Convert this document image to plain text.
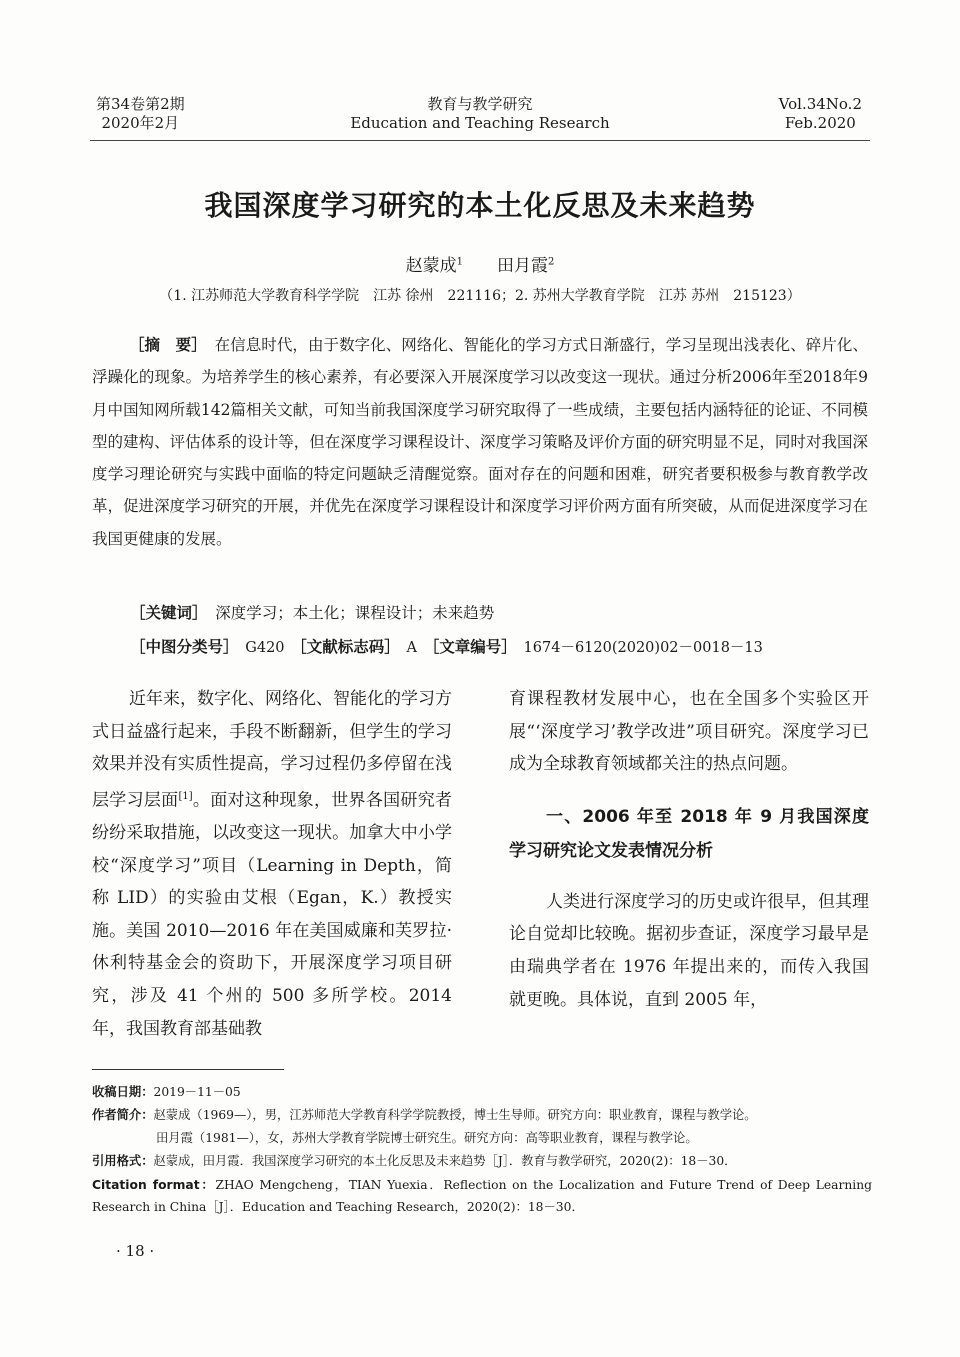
第34卷第2期
2020年2月
教育与教学研究
Education and Teaching Research
Vol.34No.2
Feb.2020
我国深度学习研究的本土化反思及未来趋势
赵蒙成$^1$　　 田月霞$^2$
（1. 江苏师范大学教育科学学院　江苏 徐州　221116；2. 苏州大学教育学院　江苏 苏州　215123）
［摘　要］　 在信息时代，由于数字化、网络化、智能化的学习方式日渐盛行，学习呈现出浅表化、碎片化、浮躁化的现象。为培养学生的核心素养，有必要深入开展深度学习以改变这一现状。通过分析2006年至2018年9月中国知网所载142篇相关文献，可知当前我国深度学习研究取得了一些成绩，主要包括内涵特征的论证、不同模型的建构、评估体系的设计等，但在深度学习课程设计、深度学习策略及评价方面的研究明显不足，同时对我国深度学习理论研究与实践中面临的特定问题缺乏清醒觉察。面对存在的问题和困难，研究者要积极参与教育教学改革，促进深度学习研究的开展，并优先在深度学习课程设计和深度学习评价两方面有所突破，从而促进深度学习在我国更健康的发展。
［关键词］　 深度学习；本土化；课程设计；未来趋势
［中图分类号］　 G420　 ［文献标志码］　 A　 ［文章编号］　 1674－6120(2020)02－0018－13

近年来，数字化、网络化、智能化的学习方式日益盛行起来，手段不断翻新，但学生的学习效果并没有实质性提高，学习过程仍多停留在浅层学习层面[1]。面对这种现象，世界各国研究者纷纷采取措施，以改变这一现状。加拿大中小学校“深度学习”项目（Learning in Depth，简称 LID）的实验由艾根（Egan，K.）教授实施。美国 2010—2016 年在美国威廉和芙罗拉·休利特基金会的资助下，开展深度学习项目研究，涉及 41 个州的 500 多所学校。2014 年，我国教育部基础教

育课程教材发展中心，也在全国多个实验区开展“‘深度学习’教学改进”项目研究。深度学习已成为全球教育领域都关注的热点问题。

一、2006 年至 2018 年 9 月我国深度学习研究论文发表情况分析

人类进行深度学习的历史或许很早，但其理论自觉却比较晚。据初步查证，深度学习最早是由瑞典学者在 1976 年提出来的，而传入我国就更晚。具体说，直到 2005 年，

收稿日期：2019－11－05
作者简介：赵蒙成（1969—），男，江苏师范大学教育科学学院教授，博士生导师。研究方向：职业教育，课程与教学论。
田月霞（1981—），女，苏州大学教育学院博士研究生。研究方向：高等职业教育，课程与教学论。
引用格式：赵蒙成，田月霞．我国深度学习研究的本土化反思及未来趋势［J］．教育与教学研究，2020(2)：18－30．
Citation format：ZHAO Mengcheng，TIAN Yuexia．Reflection on the Localization and Future Trend of Deep Learning Research in China［J］．Education and Teaching Research，2020(2)：18－30．
· 18 ·
